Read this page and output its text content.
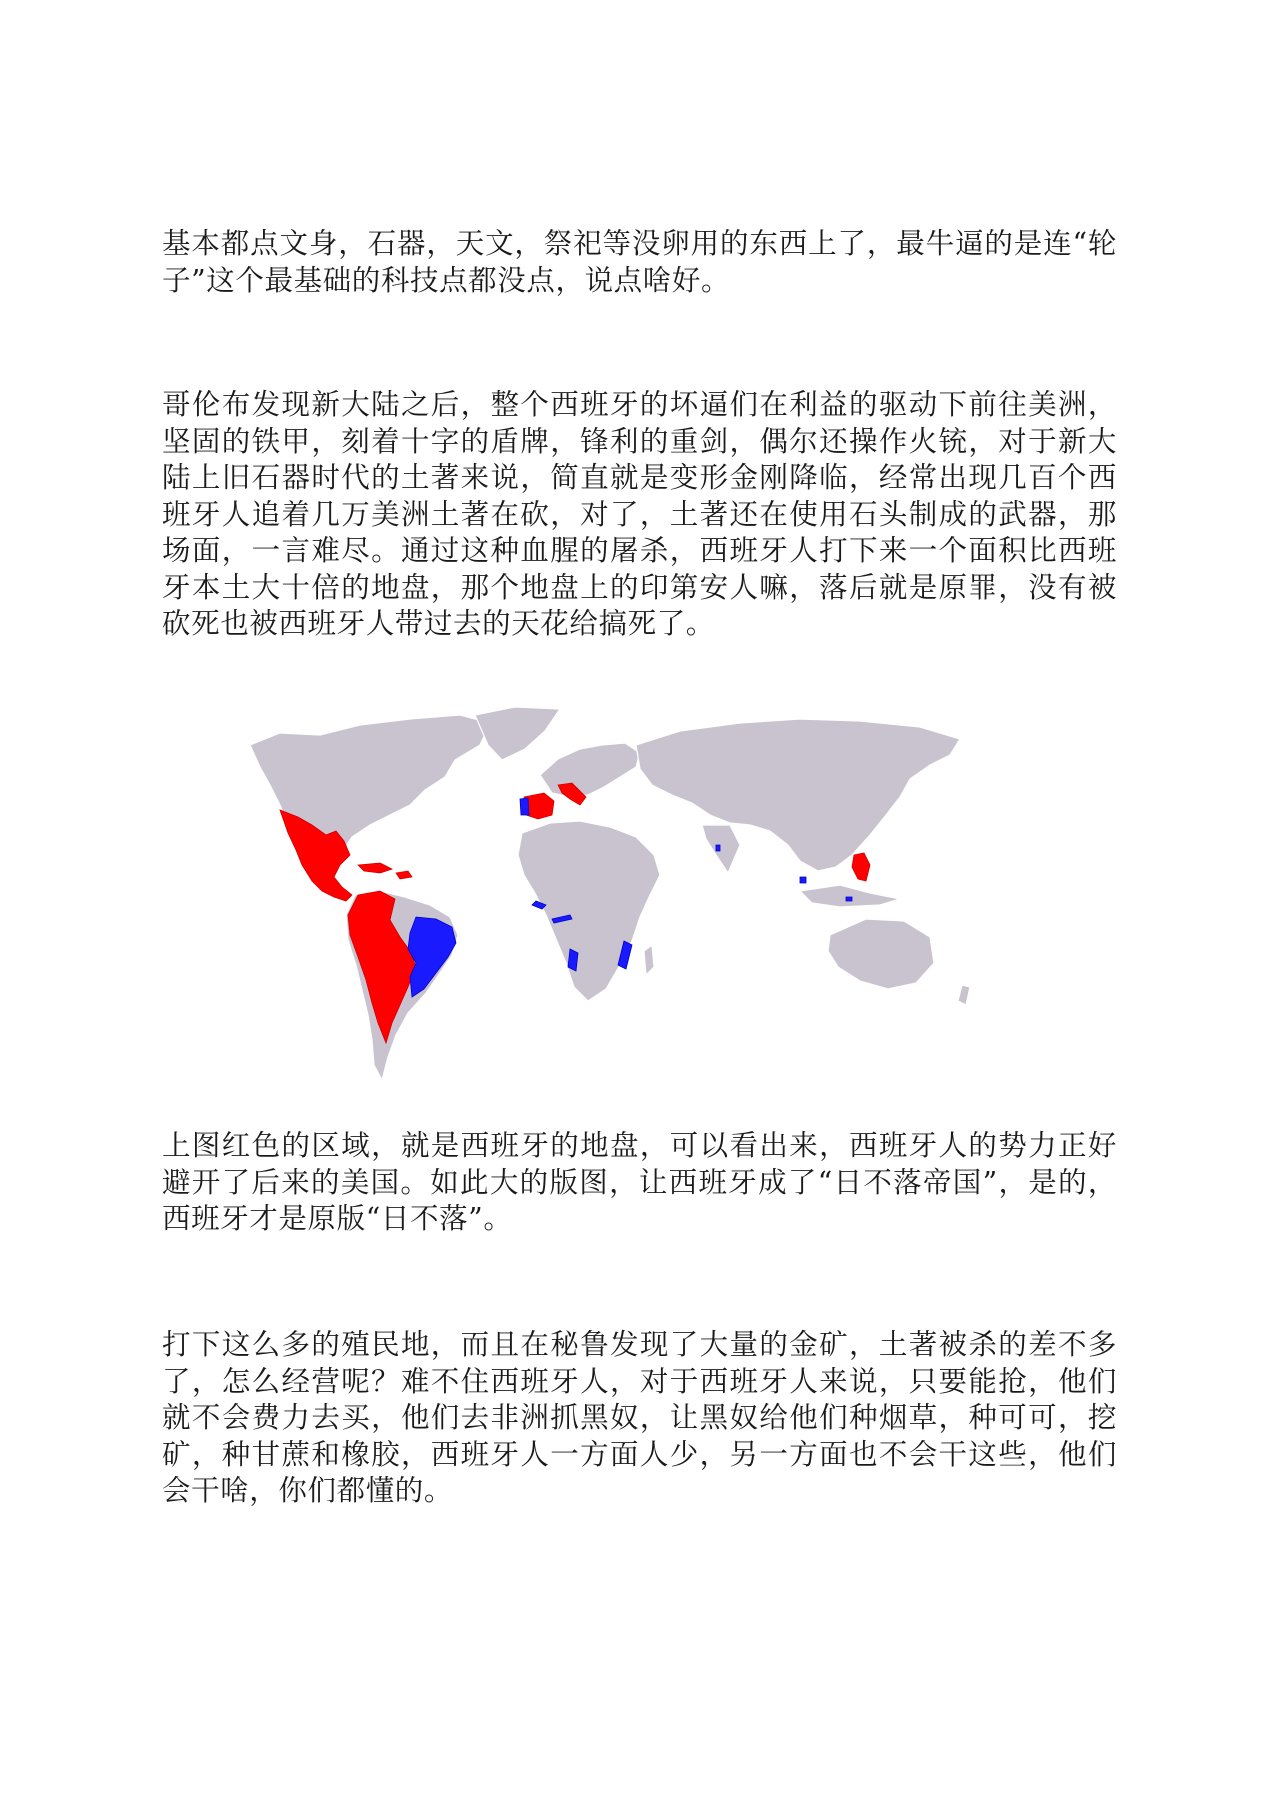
基本都点文身，石器，天文，祭祀等没卵用的东西上了，最牛逼的是连“轮子”这个最基础的科技点都没点，说点啥好。

哥伦布发现新大陆之后，整个西班牙的坏逼们在利益的驱动下前往美洲，坚固的铁甲，刻着十字的盾牌，锋利的重剑，偶尔还操作火铳，对于新大陆上旧石器时代的土著来说，简直就是变形金刚降临，经常出现几百个西班牙人追着几万美洲土著在砍，对了，土著还在使用石头制成的武器，那场面，一言难尽。通过这种血腥的屠杀，西班牙人打下来一个面积比西班牙本土大十倍的地盘，那个地盘上的印第安人嘛，落后就是原罪，没有被砍死也被西班牙人带过去的天花给搞死了。

上图红色的区域，就是西班牙的地盘，可以看出来，西班牙人的势力正好避开了后来的美国。如此大的版图，让西班牙成了“日不落帝国”，是的，西班牙才是原版“日不落”。

打下这么多的殖民地，而且在秘鲁发现了大量的金矿，土著被杀的差不多了，怎么经营呢？难不住西班牙人，对于西班牙人来说，只要能抢，他们就不会费力去买，他们去非洲抓黑奴，让黑奴给他们种烟草，种可可，挖矿，种甘蔗和橡胶，西班牙人一方面人少，另一方面也不会干这些，他们会干啥，你们都懂的。
